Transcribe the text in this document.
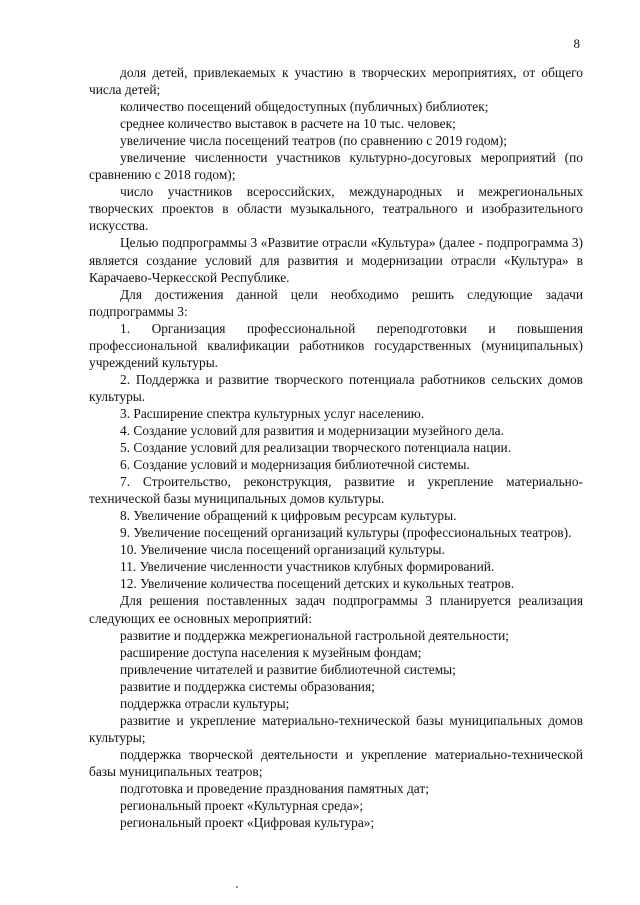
8

доля детей, привлекаемых к участию в творческих мероприятиях, от общего числа детей;

количество посещений общедоступных (публичных) библиотек;

среднее количество выставок в расчете на 10 тыс. человек;

увеличение числа посещений театров (по сравнению с 2019 годом);

увеличение численности участников культурно-досуговых мероприятий (по сравнению с 2018 годом);

число участников всероссийских, международных и межрегиональных творческих проектов в области музыкального, театрального и изобразительного искусства.

Целью подпрограммы 3 «Развитие отрасли «Культура» (далее - подпрограмма 3) является создание условий для развития и модернизации отрасли «Культура» в Карачаево-Черкесской Республике.

Для достижения данной цели необходимо решить следующие задачи подпрограммы 3:

1. Организация профессиональной переподготовки и повышения профессиональной квалификации работников государственных (муниципальных) учреждений культуры.

2. Поддержка и развитие творческого потенциала работников сельских домов культуры.

3. Расширение спектра культурных услуг населению.

4. Создание условий для развития и модернизации музейного дела.

5. Создание условий для реализации творческого потенциала нации.

6. Создание условий и модернизация библиотечной системы.

7. Строительство, реконструкция, развитие и укрепление материально-технической базы муниципальных домов культуры.

8. Увеличение обращений к цифровым ресурсам культуры.

9. Увеличение посещений организаций культуры (профессиональных театров).

10. Увеличение числа посещений организаций культуры.

11. Увеличение численности участников клубных формирований.

12. Увеличение количества посещений детских и кукольных театров.

Для решения поставленных задач подпрограммы 3 планируется реализация следующих ее основных мероприятий:

развитие и поддержка межрегиональной гастрольной деятельности;

расширение доступа населения к музейным фондам;

привлечение читателей и развитие библиотечной системы;

развитие и поддержка системы образования;

поддержка отрасли культуры;

развитие и укрепление материально-технической базы муниципальных домов культуры;

поддержка творческой деятельности и укрепление материально-технической базы муниципальных театров;

подготовка и проведение празднования памятных дат;

региональный проект «Культурная среда»;

региональный проект «Цифровая культура»;
